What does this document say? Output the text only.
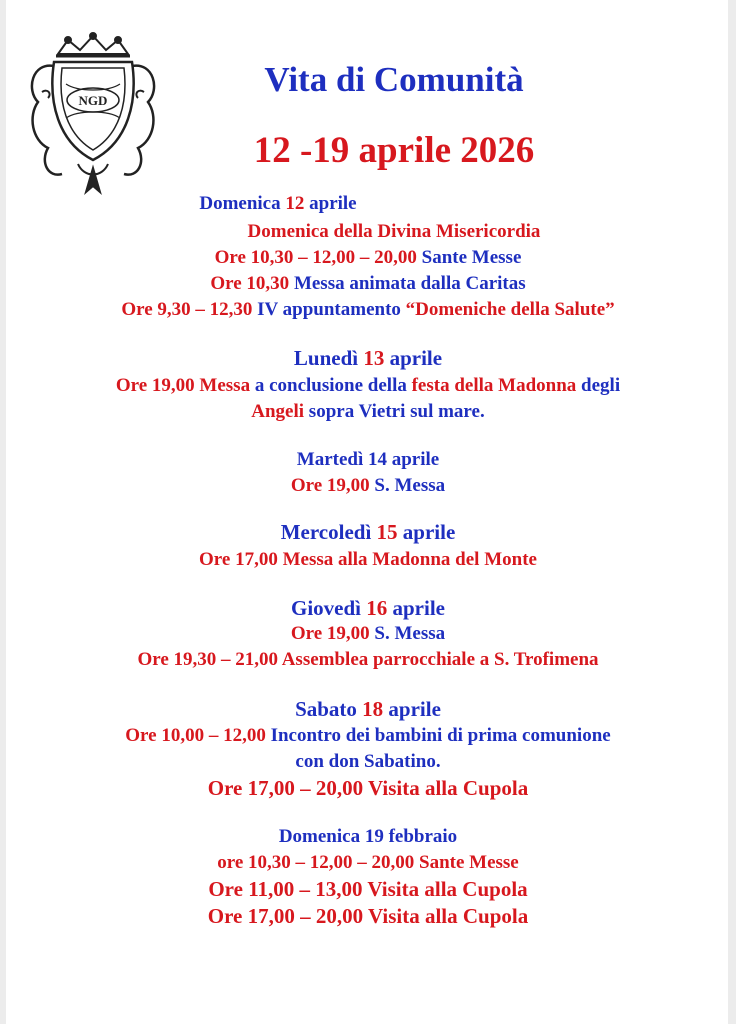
NGD
Vita di Comunità
12 -19 aprile 2026

Domenica 12 aprile

Domenica della Divina Misericordia

Ore 10,30 – 12,00 – 20,00 Sante Messe

Ore 10,30 Messa animata dalla Caritas

Ore 9,30 – 12,30 IV appuntamento “Domeniche della Salute”

Lunedì 13 aprile

Ore 19,00 Messa a conclusione della festa della Madonna degli

Angeli sopra Vietri sul mare.

Martedì 14 aprile

Ore 19,00 S. Messa

Mercoledì 15 aprile

Ore 17,00 Messa alla Madonna del Monte

Giovedì 16 aprile

Ore 19,00 S. Messa

Ore 19,30 – 21,00 Assemblea parrocchiale a S. Trofimena

Sabato 18 aprile

Ore 10,00 – 12,00 Incontro dei bambini di prima comunione

con don Sabatino.

Ore 17,00 – 20,00 Visita alla Cupola

Domenica 19 febbraio

ore 10,30 – 12,00 – 20,00 Sante Messe

Ore 11,00 – 13,00 Visita alla Cupola

Ore 17,00 – 20,00 Visita alla Cupola
